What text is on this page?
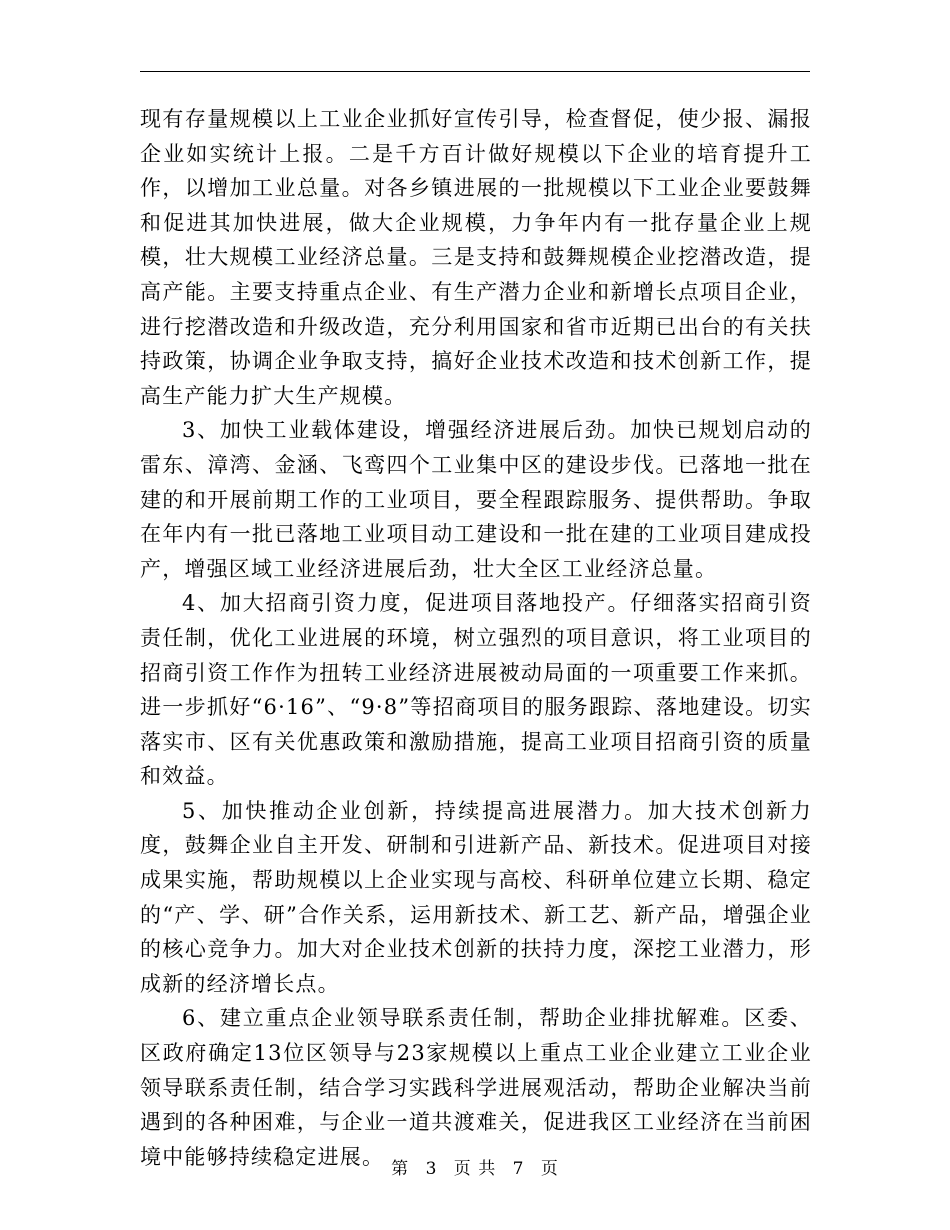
现有存量规模以上工业企业抓好宣传引导，检查督促，使少报、漏报企业如实统计上报。二是千方百计做好规模以下企业的培育提升工作，以增加工业总量。对各乡镇进展的一批规模以下工业企业要鼓舞和促进其加快进展，做大企业规模，力争年内有一批存量企业上规模，壮大规模工业经济总量。三是支持和鼓舞规模企业挖潜改造，提高产能。主要支持重点企业、有生产潜力企业和新增长点项目企业，进行挖潜改造和升级改造，充分利用国家和省市近期已出台的有关扶持政策，协调企业争取支持，搞好企业技术改造和技术创新工作，提高生产能力扩大生产规模。

3、加快工业载体建设，增强经济进展后劲。加快已规划启动的雷东、漳湾、金涵、飞鸾四个工业集中区的建设步伐。已落地一批在建的和开展前期工作的工业项目，要全程跟踪服务、提供帮助。争取在年内有一批已落地工业项目动工建设和一批在建的工业项目建成投产，增强区域工业经济进展后劲，壮大全区工业经济总量。

4、加大招商引资力度，促进项目落地投产。仔细落实招商引资责任制，优化工业进展的环境，树立强烈的项目意识，将工业项目的招商引资工作作为扭转工业经济进展被动局面的一项重要工作来抓。进一步抓好“6·16”、“9·8”等招商项目的服务跟踪、落地建设。切实落实市、区有关优惠政策和激励措施，提高工业项目招商引资的质量和效益。

5、加快推动企业创新，持续提高进展潜力。加大技术创新力度，鼓舞企业自主开发、研制和引进新产品、新技术。促进项目对接成果实施，帮助规模以上企业实现与高校、科研单位建立长期、稳定的“产、学、研”合作关系，运用新技术、新工艺、新产品，增强企业的核心竞争力。加大对企业技术创新的扶持力度，深挖工业潜力，形成新的经济增长点。

6、建立重点企业领导联系责任制，帮助企业排扰解难。区委、区政府确定13位区领导与23家规模以上重点工业企业建立工业企业领导联系责任制，结合学习实践科学进展观活动，帮助企业解决当前遇到的各种困难，与企业一道共渡难关，促进我区工业经济在当前困境中能够持续稳定进展。

第 3 页 共 7 页
